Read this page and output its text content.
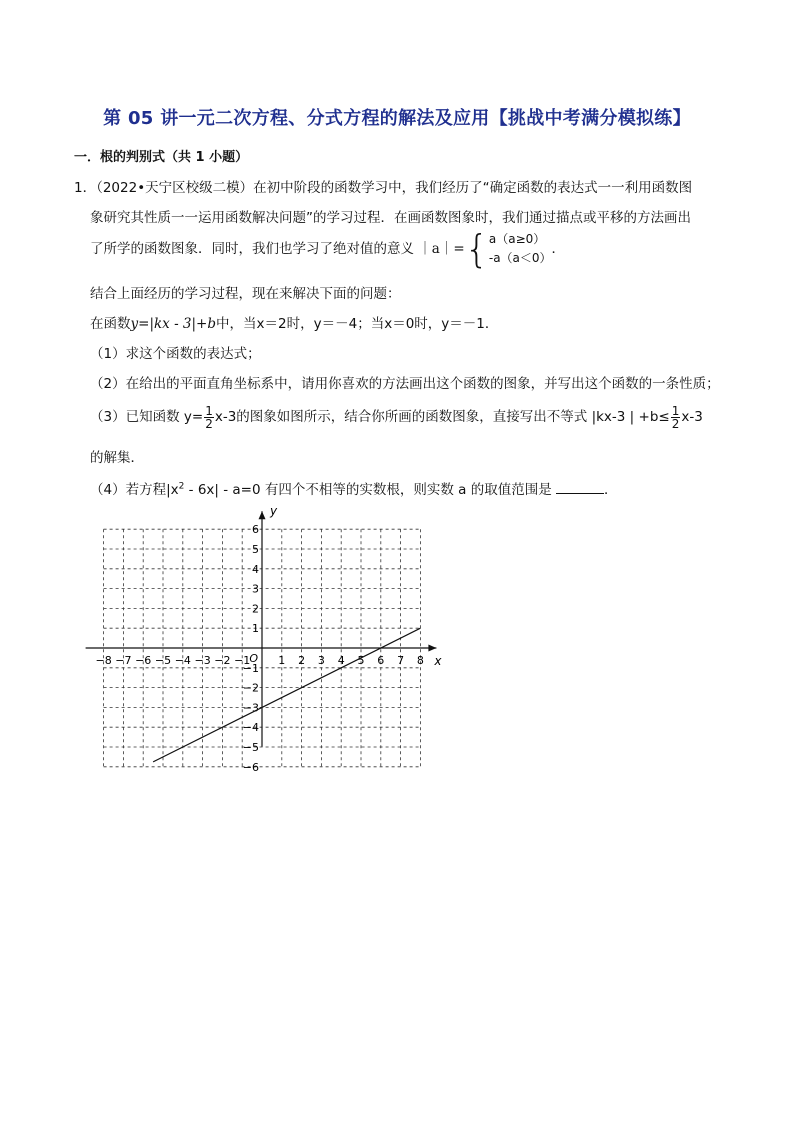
第 05 讲一元二次方程、分式方程的解法及应用【挑战中考满分模拟练】
一．根的判别式（共 1 小题）
1．（2022•天宁区校级二模）在初中阶段的函数学习中，我们经历了“确定函数的表达式一一利用函数图
象研究其性质一一运用函数解决问题”的学习过程．在画函数图象时，我们通过描点或平移的方法画出
了所学的函数图象．同时，我们也学习了绝对值的意义 ｜a｜={ a（a≥0）
-a（a＜0）
．
结合上面经历的学习过程，现在来解决下面的问题：
在函数y=|kx - 3|+b中，当x＝2时，y＝－4；当x＝0时，y＝－1．
（1）求这个函数的表达式；
（2）在给出的平面直角坐标系中，请用你喜欢的方法画出这个函数的图象，并写出这个函数的一条性质；
（3）已知函数 $y= \frac{1}{2} x-3$的图象如图所示，结合你所画的函数图象，直接写出不等式 |kx-3 | $+b\le \frac{1}{2} x-3$
的解集．
（4）若方程$|x^2 - 6x| - a=0$ 有四个不相等的实数根，则实数 a 的取值范围是	．
x
y
O
−8 −7 −6 −5 −4 −3 −2 −1	1 2 3 4 5 6 7 8
−6
−5
−4
−3
−2
−1
1
2
3
4
5
6
